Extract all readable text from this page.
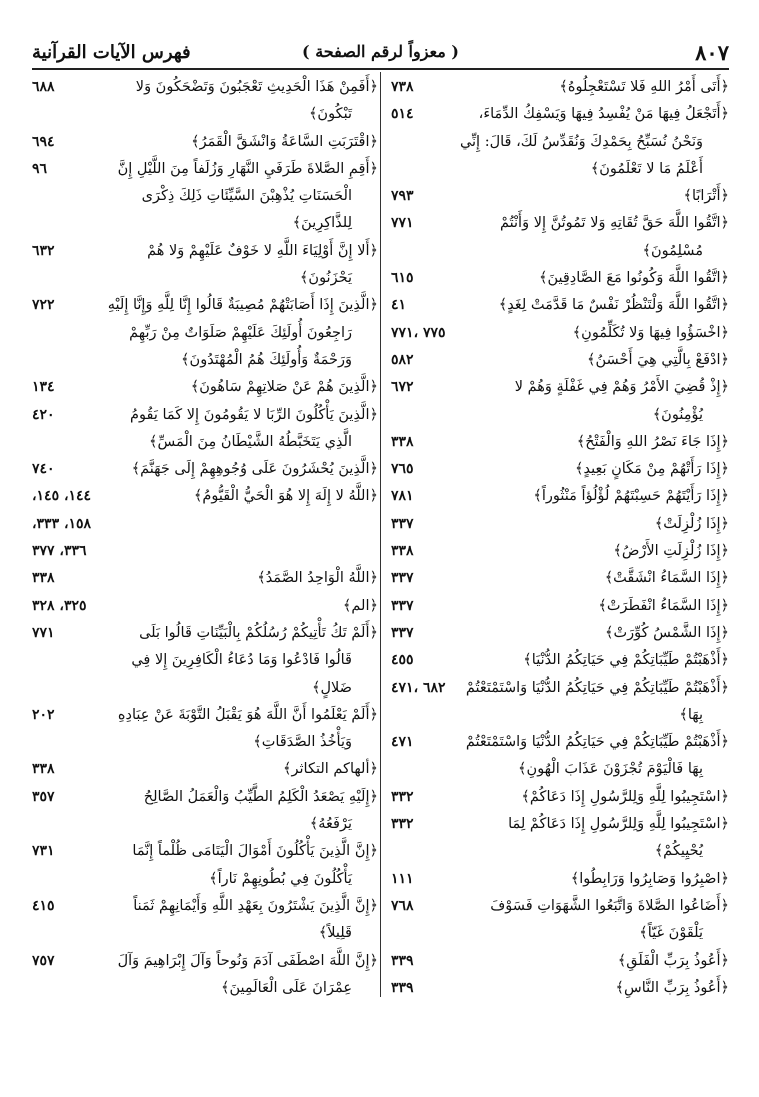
٨٠٧
( معزواً لرقم الصفحة )
فهرس الآيات القرآنية
﴿أَتَى أَمْرُ اللهِ فَلا تَسْتَعْجِلُوهُ﴾
٧٣٨
﴿أَتَجْعَلُ فِيهَا مَنْ يُفْسِدُ فِيهَا وَيَسْفِكُ الدِّمَاءَ،
٥١٤
وَنَحْنُ نُسَبِّحُ بِحَمْدِكَ وَنُقَدِّسُ لَكَ، قَالَ: إِنِّي
أَعْلَمُ مَا لا تَعْلَمُونَ﴾
﴿أَتْرَابًا﴾
٧٩٣
﴿اتَّقُوا اللَّهَ حَقَّ تُقَاتِهِ وَلا تَمُوتُنَّ إِلا وَأَنْتُمْ
٧٧١
مُسْلِمُونَ﴾
﴿اتَّقُوا اللَّهَ وَكُونُوا مَعَ الصَّادِقِينَ﴾
٦١٥
﴿اتَّقُوا اللَّهَ وَلْتَنْظُرْ نَفْسٌ مَا قَدَّمَتْ لِغَدٍ﴾
٤١
﴿اخْسَؤُوا فِيهَا وَلا تُكَلِّمُونِ﴾
٧٧٥ ،٧٧١
﴿ادْفَعْ بِالَّتِي هِيَ أَحْسَنُ﴾
٥٨٢
﴿إِذْ قُضِيَ الأَمْرُ وَهُمْ فِي غَفْلَةٍ وَهُمْ لا
٦٧٢
يُؤْمِنُونَ﴾
﴿إِذَا جَاءَ نَصْرُ اللهِ وَالْفَتْحُ﴾
٣٣٨
﴿إِذَا رَأَتْهُمْ مِنْ مَكَانٍ بَعِيدٍ﴾
٧٦٥
﴿إِذَا رَأَيْتَهُمْ حَسِبْتَهُمْ لُؤْلُؤاً مَنْثُوراً﴾
٧٨١
﴿إِذَا زُلْزِلَتْ﴾
٣٣٧
﴿إِذَا زُلْزِلَتِ الأَرْضُ﴾
٣٣٨
﴿إِذَا السَّمَاءُ انْشَقَّتْ﴾
٣٣٧
﴿إِذَا السَّمَاءُ انْفَطَرَتْ﴾
٣٣٧
﴿إِذَا الشَّمْسُ كُوِّرَتْ﴾
٣٣٧
﴿أَذْهَبْتُمْ طَيِّبَاتِكُمْ فِي حَيَاتِكُمُ الدُّنْيَا﴾
٤٥٥
﴿أَذْهَبْتُمْ طَيِّبَاتِكُمْ فِي حَيَاتِكُمُ الدُّنْيَا وَاسْتَمْتَعْتُمْ
٦٨٢ ،٤٧١
بِهَا﴾
﴿أَذْهَبْتُمْ طَيِّبَاتِكُمْ فِي حَيَاتِكُمُ الدُّنْيَا وَاسْتَمْتَعْتُمْ
٤٧١
بِهَا فَالْيَوْمَ تُجْزَوْنَ عَذَابَ الْهُونِ﴾
﴿اسْتَجِيبُوا لِلَّهِ وَلِلرَّسُولِ إِذَا دَعَاكُمْ﴾
٣٣٢
﴿اسْتَجِيبُوا لِلَّهِ وَلِلرَّسُولِ إِذَا دَعَاكُمْ لِمَا
٣٣٢
يُحْيِيكُمْ﴾
﴿اصْبِرُوا وَصَابِرُوا وَرَابِطُوا﴾
١١١
﴿أَضَاعُوا الصَّلاةَ وَاتَّبَعُوا الشَّهَوَاتِ فَسَوْفَ
٧٦٨
يَلْقَوْنَ غَيّاً﴾
﴿أَعُوذُ بِرَبِّ الْفَلَقِ﴾
٣٣٩
﴿أَعُوذُ بِرَبِّ النَّاسِ﴾
٣٣٩
﴿أَفَمِنْ هَذَا الْحَدِيثِ تَعْجَبُونَ وَتَضْحَكُونَ وَلا
٦٨٨
تَبْكُونَ﴾
﴿اقْتَرَبَتِ السَّاعَةُ وَانْشَقَّ الْقَمَرُ﴾
٦٩٤
﴿أَقِمِ الصَّلاةَ طَرَفَيِ النَّهَارِ وَزُلَفاً مِنَ اللَّيْلِ إِنَّ
٩٦
الْحَسَنَاتِ يُذْهِبْنَ السَّيِّئَاتِ ذَلِكَ ذِكْرَى
لِلذَّاكِرِينَ﴾
﴿أَلا إِنَّ أَوْلِيَاءَ اللَّهِ لا خَوْفٌ عَلَيْهِمْ وَلا هُمْ
٦٣٢
يَحْزَنُونَ﴾
﴿الَّذِينَ إِذَا أَصَابَتْهُمْ مُصِيبَةٌ قَالُوا إِنَّا لِلَّهِ وَإِنَّا إِلَيْهِ
٧٢٢
رَاجِعُونَ أُولَئِكَ عَلَيْهِمْ صَلَوَاتٌ مِنْ رَبِّهِمْ
وَرَحْمَةٌ وَأُولَئِكَ هُمُ الْمُهْتَدُونَ﴾
﴿الَّذِينَ هُمْ عَنْ صَلاتِهِمْ سَاهُونَ﴾
١٣٤
﴿الَّذِينَ يَأْكُلُونَ الرِّبَا لا يَقُومُونَ إِلا كَمَا يَقُومُ
٤٢٠
الَّذِي يَتَخَبَّطُهُ الشَّيْطَانُ مِنَ الْمَسِّ﴾
﴿الَّذِينَ يُحْشَرُونَ عَلَى وُجُوهِهِمْ إِلَى جَهَنَّمَ﴾
٧٤٠
﴿اللَّهُ لا إِلَهَ إِلا هُوَ الْحَيُّ الْقَيُّومُ﴾
١٤٤، ١٤٥،
١٥٨، ٣٣٣،
٣٣٦، ٣٧٧
﴿اللَّهُ الْوَاحِدُ الصَّمَدُ﴾
٣٣٨
﴿الم﴾
٣٢٥، ٣٢٨
﴿أَلَمْ تَكُ تَأْتِيكُمْ رُسُلُكُمْ بِالْبَيِّنَاتِ قَالُوا بَلَى
٧٧١
قَالُوا فَادْعُوا وَمَا دُعَاءُ الْكَافِرِينَ إِلا فِي
ضَلالٍ﴾
﴿أَلَمْ يَعْلَمُوا أَنَّ اللَّهَ هُوَ يَقْبَلُ التَّوْبَةَ عَنْ عِبَادِهِ
٢٠٢
وَيَأْخُذُ الصَّدَقَاتِ﴾
﴿ألهاكم التكاثر﴾
٣٣٨
﴿إِلَيْهِ يَصْعَدُ الْكَلِمُ الطَّيِّبُ وَالْعَمَلُ الصَّالِحُ
٣٥٧
يَرْفَعُهُ﴾
﴿إِنَّ الَّذِينَ يَأْكُلُونَ أَمْوَالَ الْيَتَامَى ظُلْماً إِنَّمَا
٧٣١
يَأْكُلُونَ فِي بُطُونِهِمْ نَاراً﴾
﴿إِنَّ الَّذِينَ يَشْتَرُونَ بِعَهْدِ اللَّهِ وَأَيْمَانِهِمْ ثَمَناً
٤١٥
قَلِيلاً﴾
﴿إِنَّ اللَّهَ اصْطَفَى آدَمَ وَنُوحاً وَآلَ إِبْرَاهِيمَ وَآلَ
٧٥٧
عِمْرَانَ عَلَى الْعَالَمِينَ﴾
